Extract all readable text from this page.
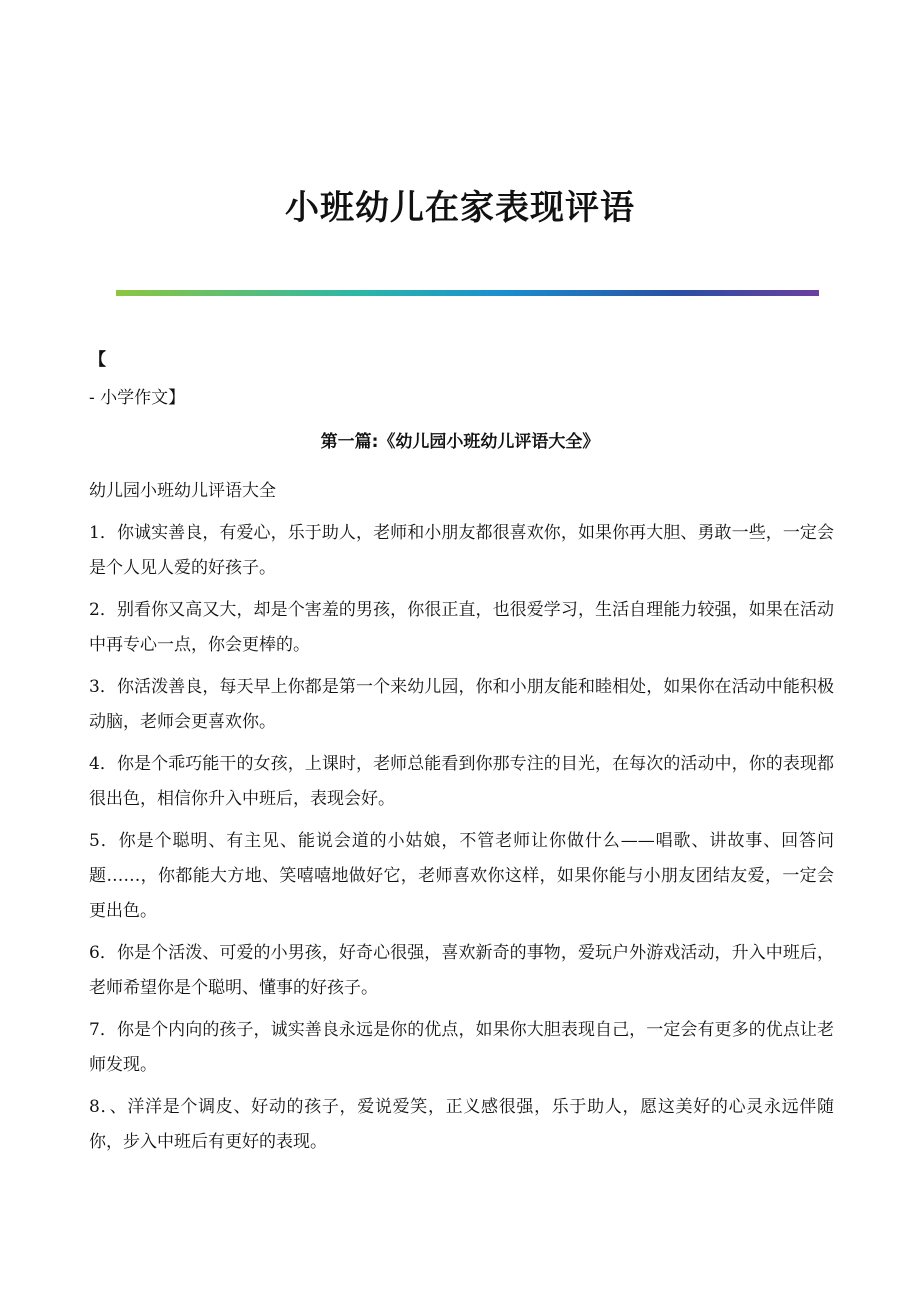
小班幼儿在家表现评语
【
- 小学作文】
第一篇:《幼儿园小班幼儿评语大全》

幼儿园小班幼儿评语大全

1．你诚实善良，有爱心，乐于助人，老师和小朋友都很喜欢你，如果你再大胆、勇敢一些，一定会是个人见人爱的好孩子。

2．别看你又高又大，却是个害羞的男孩，你很正直，也很爱学习，生活自理能力较强，如果在活动中再专心一点，你会更棒的。

3．你活泼善良，每天早上你都是第一个来幼儿园，你和小朋友能和睦相处，如果你在活动中能积极动脑，老师会更喜欢你。

4．你是个乖巧能干的女孩，上课时，老师总能看到你那专注的目光，在每次的活动中，你的表现都很出色，相信你升入中班后，表现会好。

5．你是个聪明、有主见、能说会道的小姑娘，不管老师让你做什么——唱歌、讲故事、回答问题……，你都能大方地、笑嘻嘻地做好它，老师喜欢你这样，如果你能与小朋友团结友爱，一定会更出色。

6．你是个活泼、可爱的小男孩，好奇心很强，喜欢新奇的事物，爱玩户外游戏活动，升入中班后，老师希望你是个聪明、懂事的好孩子。

7．你是个内向的孩子，诚实善良永远是你的优点，如果你大胆表现自己，一定会有更多的优点让老师发现。

8．、洋洋是个调皮、好动的孩子，爱说爱笑，正义感很强，乐于助人，愿这美好的心灵永远伴随你，步入中班后有更好的表现。
